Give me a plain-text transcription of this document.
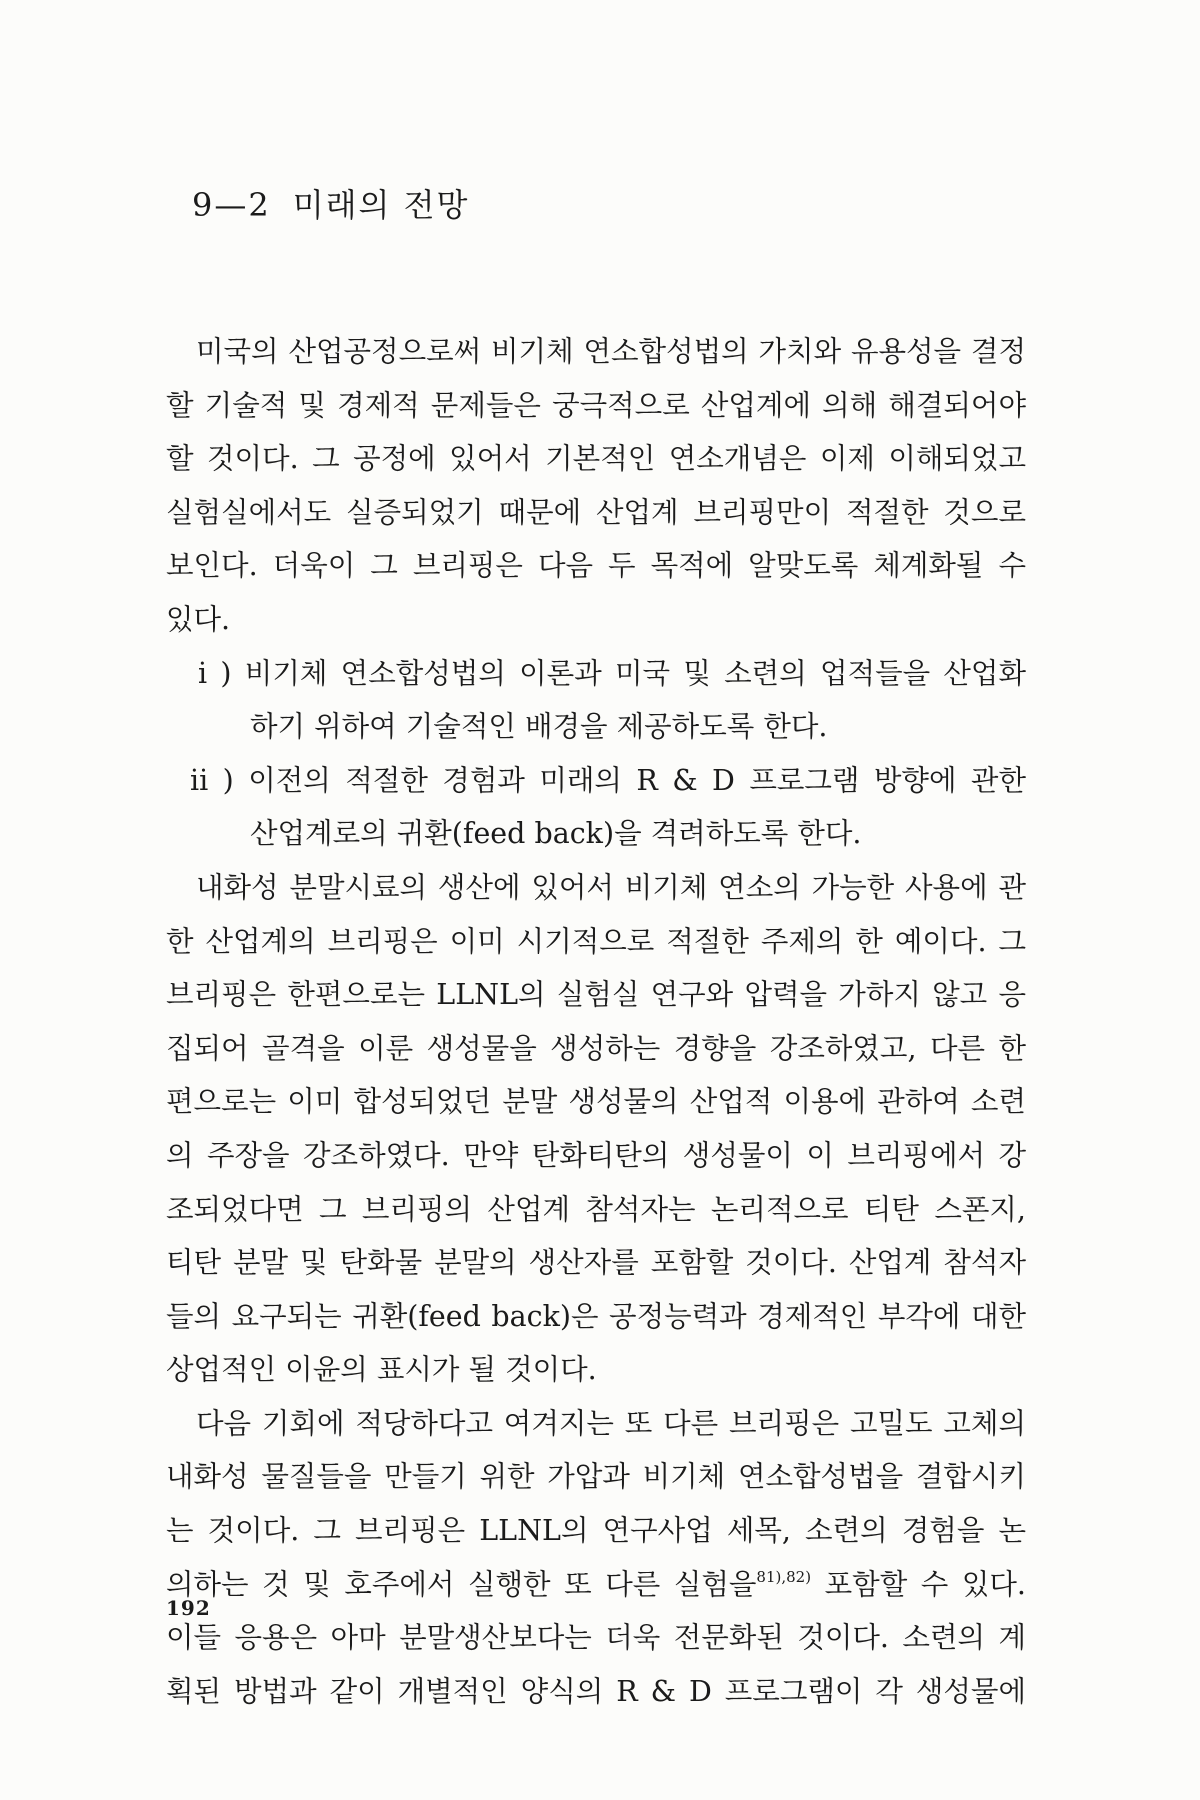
9—2 미래의 전망
미국의 산업공정으로써 비기체 연소합성법의 가치와 유용성을 결정
할 기술적 및 경제적 문제들은 궁극적으로 산업계에 의해 해결되어야
할 것이다. 그 공정에 있어서 기본적인 연소개념은 이제 이해되었고
실험실에서도 실증되었기 때문에 산업계 브리핑만이 적절한 것으로
보인다. 더욱이 그 브리핑은 다음 두 목적에 알맞도록 체계화될 수
있다.
i ) 비기체 연소합성법의 이론과 미국 및 소련의 업적들을 산업화
하기 위하여 기술적인 배경을 제공하도록 한다.
ii ) 이전의 적절한 경험과 미래의 R & D 프로그램 방향에 관한
산업계로의 귀환(feed back)을 격려하도록 한다.
내화성 분말시료의 생산에 있어서 비기체 연소의 가능한 사용에 관
한 산업계의 브리핑은 이미 시기적으로 적절한 주제의 한 예이다. 그
브리핑은 한편으로는 LLNL의 실험실 연구와 압력을 가하지 않고 응
집되어 골격을 이룬 생성물을 생성하는 경향을 강조하였고, 다른 한
편으로는 이미 합성되었던 분말 생성물의 산업적 이용에 관하여 소련
의 주장을 강조하였다. 만약 탄화티탄의 생성물이 이 브리핑에서 강
조되었다면 그 브리핑의 산업계 참석자는 논리적으로 티탄 스폰지,
티탄 분말 및 탄화물 분말의 생산자를 포함할 것이다. 산업계 참석자
들의 요구되는 귀환(feed back)은 공정능력과 경제적인 부각에 대한
상업적인 이윤의 표시가 될 것이다.
다음 기회에 적당하다고 여겨지는 또 다른 브리핑은 고밀도 고체의
내화성 물질들을 만들기 위한 가압과 비기체 연소합성법을 결합시키
는 것이다. 그 브리핑은 LLNL의 연구사업 세목, 소련의 경험을 논
의하는 것 및 호주에서 실행한 또 다른 실험을$^{81),82)}$ 포함할 수 있다.
이들 응용은 아마 분말생산보다는 더욱 전문화된 것이다. 소련의 계
획된 방법과 같이 개별적인 양식의 R & D 프로그램이 각 생성물에
192
